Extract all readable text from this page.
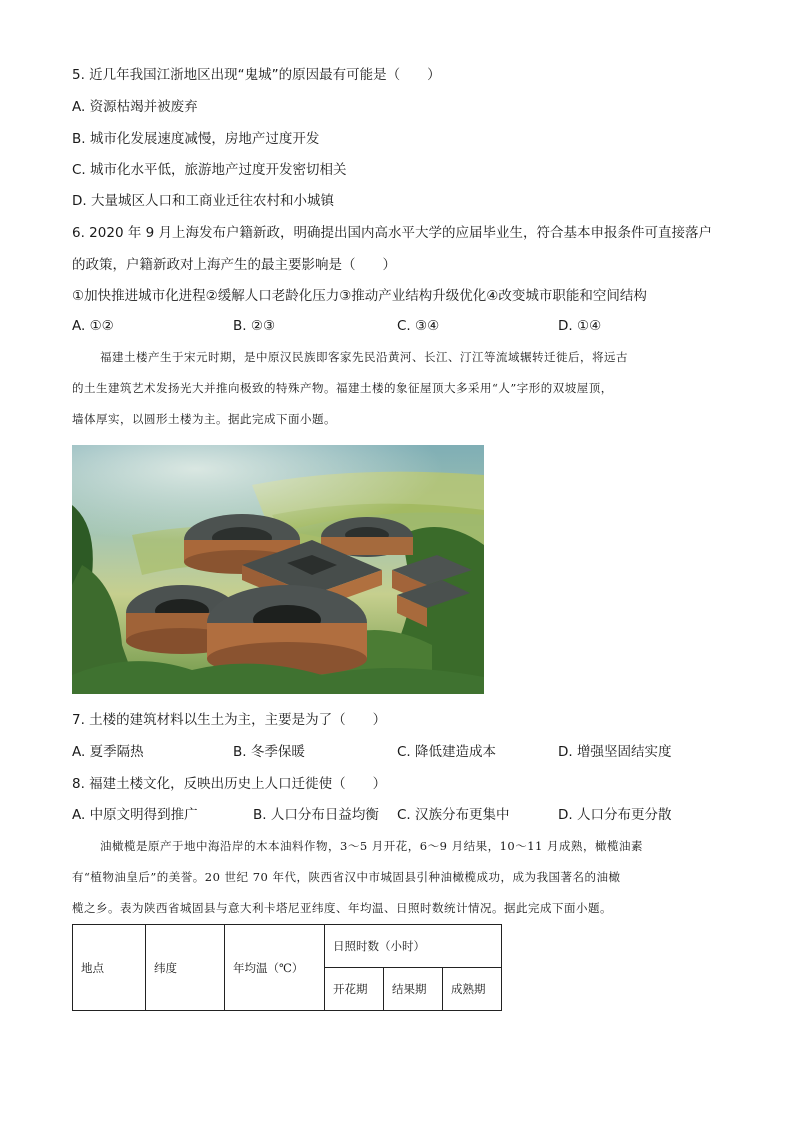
5. 近几年我国江浙地区出现“鬼城”的原因最有可能是（　　）
A. 资源枯竭并被废弃
B. 城市化发展速度减慢，房地产过度开发
C. 城市化水平低，旅游地产过度开发密切相关
D. 大量城区人口和工商业迁往农村和小城镇
6. 2020 年 9 月上海发布户籍新政，明确提出国内高水平大学的应届毕业生，符合基本申报条件可直接落户
的政策，户籍新政对上海产生的最主要影响是（　　）
①加快推进城市化进程②缓解人口老龄化压力③推动产业结构升级优化④改变城市职能和空间结构
A. ①②	B. ②③	C. ③④	D. ①④
福建土楼产生于宋元时期，是中原汉民族即客家先民沿黄河、长江、汀江等流域辗转迁徙后，将远古
的土生建筑艺术发扬光大并推向极致的特殊产物。福建土楼的象征屋顶大多采用“人”字形的双坡屋顶，
墙体厚实，以圆形土楼为主。据此完成下面小题。
7. 土楼的建筑材料以生土为主，主要是为了（　　）
A. 夏季隔热	B. 冬季保暖	C. 降低建造成本	D. 增强坚固结实度
8. 福建土楼文化，反映出历史上人口迁徙使（　　）
A. 中原文明得到推广	B. 人口分布日益均衡 C. 汉族分布更集中	D. 人口分布更分散
油橄榄是原产于地中海沿岸的木本油料作物，3～5 月开花，6～9 月结果，10～11 月成熟，橄榄油素
有“植物油皇后”的美誉。20 世纪 70 年代，陕西省汉中市城固县引种油橄榄成功，成为我国著名的油橄
榄之乡。表为陕西省城固县与意大利卡塔尼亚纬度、年均温、日照时数统计情况。据此完成下面小题。
地点	纬度	年均温（℃）	日照时数（小时）		
			开花期	结果期	成熟期
